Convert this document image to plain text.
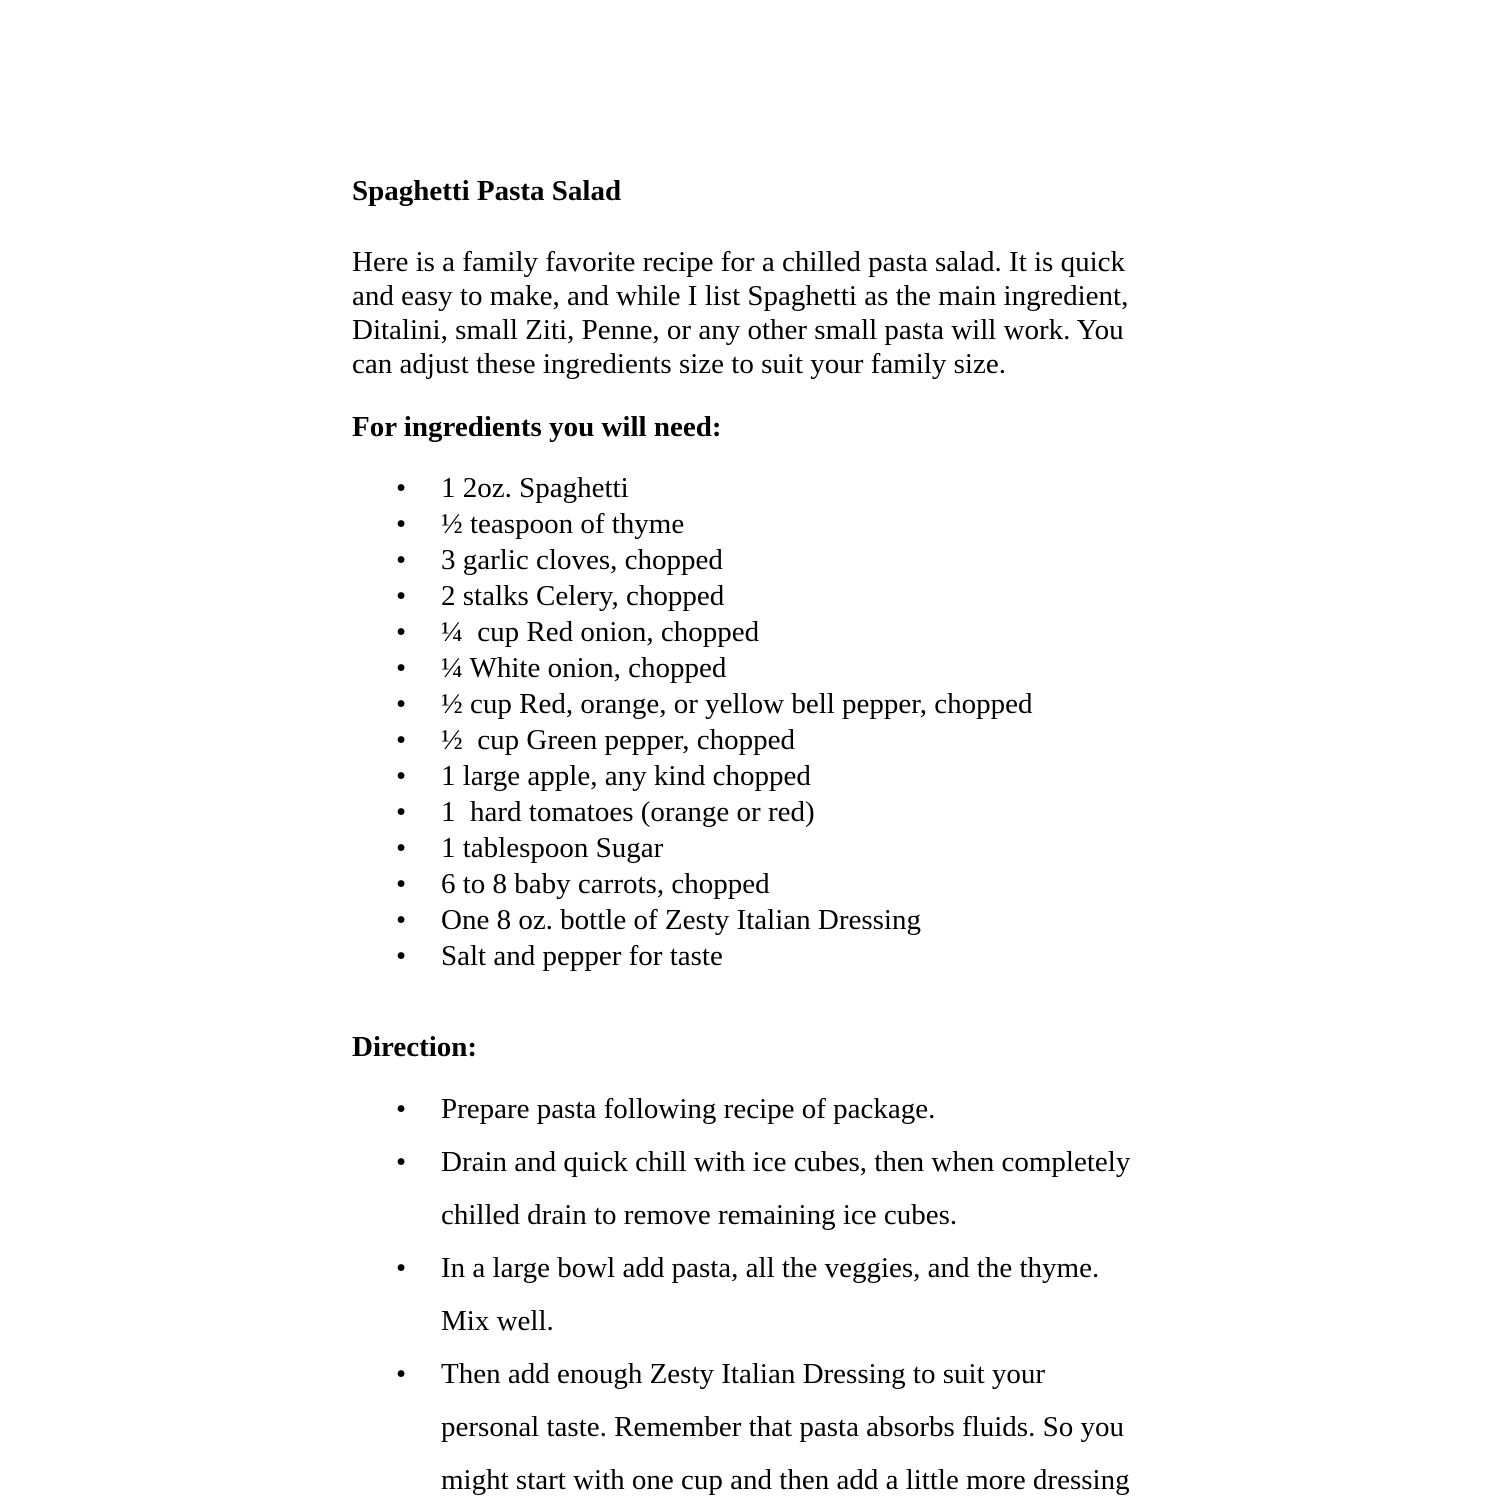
Spaghetti Pasta Salad
Here is a family favorite recipe for a chilled pasta salad. It is quick
and easy to make, and while I list Spaghetti as the main ingredient,
Ditalini, small Ziti, Penne, or any other small pasta will work. You
can adjust these ingredients size to suit your family size.
For ingredients you will need:
• 1 2oz. Spaghetti
• ½ teaspoon of thyme
• 3 garlic cloves, chopped
• 2 stalks Celery, chopped
• ¼  cup Red onion, chopped
• ¼ White onion, chopped
• ½ cup Red, orange, or yellow bell pepper, chopped
• ½  cup Green pepper, chopped
• 1 large apple, any kind chopped
• 1  hard tomatoes (orange or red)
• 1 tablespoon Sugar
• 6 to 8 baby carrots, chopped
• One 8 oz. bottle of Zesty Italian Dressing
• Salt and pepper for taste
Direction:
• Prepare pasta following recipe of package.
• Drain and quick chill with ice cubes, then when completely
chilled drain to remove remaining ice cubes.
• In a large bowl add pasta, all the veggies, and the thyme.
Mix well.
• Then add enough Zesty Italian Dressing to suit your
personal taste. Remember that pasta absorbs fluids. So you
might start with one cup and then add a little more dressing
